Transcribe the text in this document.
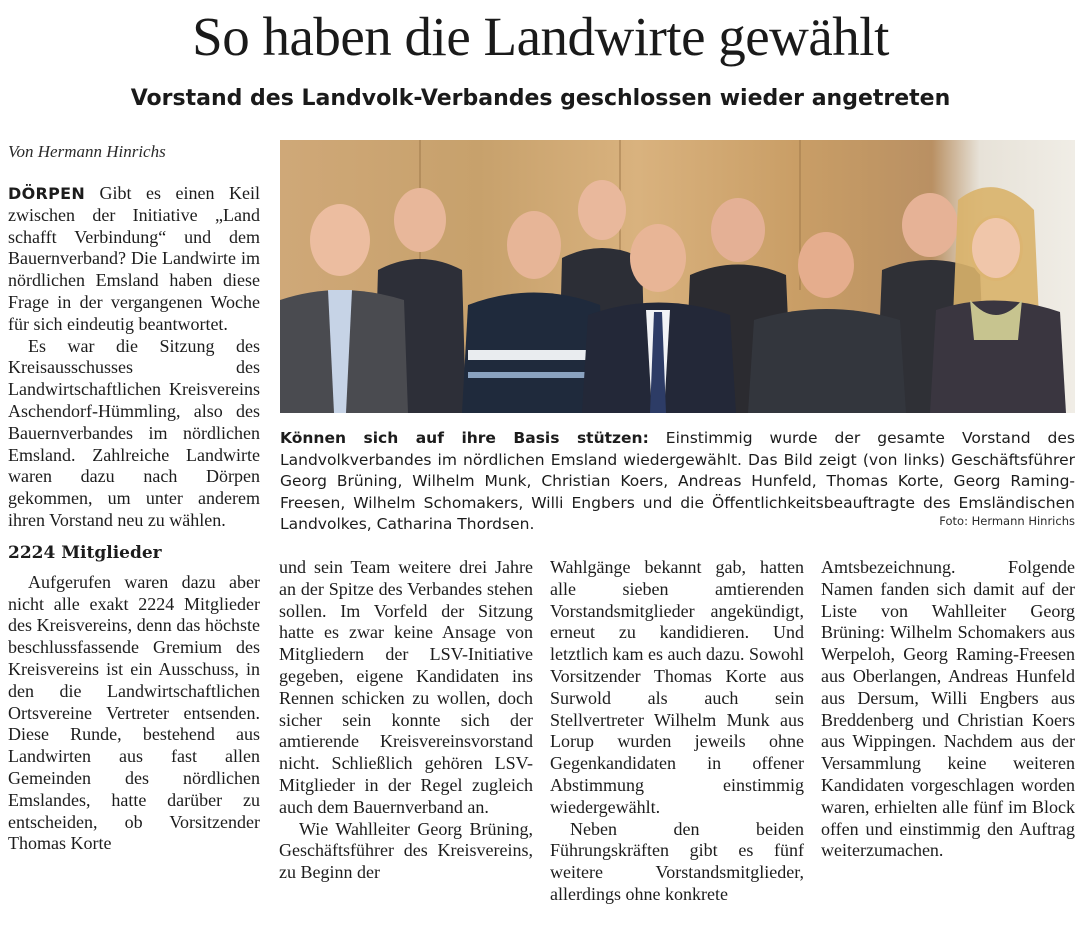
So haben die Landwirte gewählt
Vorstand des Landvolk-Verbandes geschlossen wieder angetreten
Von Hermann Hinrichs

DÖRPEN Gibt es einen Keil zwischen der Initiative „Land schafft Verbindung“ und dem Bauernverband? Die Landwirte im nördlichen Emsland haben diese Frage in der vergangenen Woche für sich eindeutig beantwortet.

Es war die Sitzung des Kreisausschusses des Landwirtschaftlichen Kreisvereins Aschendorf-Hümmling, also des Bauernverbandes im nördlichen Emsland. Zahlreiche Landwirte waren dazu nach Dörpen gekommen, um unter anderem ihren Vorstand neu zu wählen.

2224 Mitglieder

Aufgerufen waren dazu aber nicht alle exakt 2224 Mitglieder des Kreisvereins, denn das höchste beschlussfassende Gremium des Kreisvereins ist ein Ausschuss, in den die Landwirtschaftlichen Ortsvereine Vertreter entsenden. Diese Runde, bestehend aus Landwirten aus fast allen Gemeinden des nördlichen Emslandes, hatte darüber zu entscheiden, ob Vorsitzender Thomas Korte

Können sich auf ihre Basis stützen: Einstimmig wurde der gesamte Vorstand des Landvolkverbandes im nördlichen Emsland wiedergewählt. Das Bild zeigt (von links) Geschäftsführer Georg Brüning, Wilhelm Munk, Christian Koers, Andreas Hunfeld, Thomas Korte, Georg Raming-Freesen, Wilhelm Schomakers, Willi Engbers und die Öffentlichkeitsbeauftragte des Emsländischen Landvolkes, Catharina Thordsen.	Foto: Hermann Hinrichs

und sein Team weitere drei Jahre an der Spitze des Verbandes stehen sollen. Im Vorfeld der Sitzung hatte es zwar keine Ansage von Mitgliedern der LSV-Initiative gegeben, eigene Kandidaten ins Rennen schicken zu wollen, doch sicher sein konnte sich der amtierende Kreisvereinsvorstand nicht. Schließlich gehören LSV-Mitglieder in der Regel zugleich auch dem Bauernverband an.

Wie Wahlleiter Georg Brüning, Geschäftsführer des Kreisvereins, zu Beginn der

Wahlgänge bekannt gab, hatten alle sieben amtierenden Vorstandsmitglieder angekündigt, erneut zu kandidieren. Und letztlich kam es auch dazu. Sowohl Vorsitzender Thomas Korte aus Surwold als auch sein Stellvertreter Wilhelm Munk aus Lorup wurden jeweils ohne Gegenkandidaten in offener Abstimmung einstimmig wiedergewählt.

Neben den beiden Führungskräften gibt es fünf weitere Vorstandsmitglieder, allerdings ohne konkrete

Amtsbezeichnung. Folgende Namen fanden sich damit auf der Liste von Wahlleiter Georg Brüning: Wilhelm Schomakers aus Werpeloh, Georg Raming-Freesen aus Oberlangen, Andreas Hunfeld aus Dersum, Willi Engbers aus Breddenberg und Christian Koers aus Wippingen. Nachdem aus der Versammlung keine weiteren Kandidaten vorgeschlagen worden waren, erhielten alle fünf im Block offen und einstimmig den Auftrag weiterzumachen.
